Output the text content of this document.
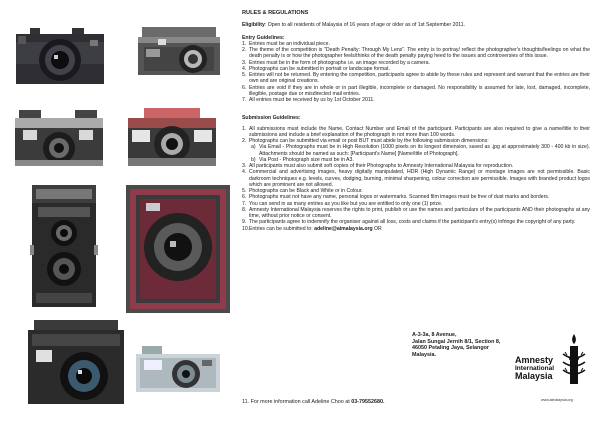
RULES & REGULATIONS

Eligibility: Open to all residents of Malaysia of 16 years of age or older as of 1st September 2011.

Entry Guidelines:

1. Entries must be an individual piece.
2. The theme of the competition is "Death Penalty: Through My Lens". The entry is to portray/ reflect the photographer's thoughts/feelings on what the death penalty is or how the photographer feels/thinks of the death penalty paying heed to the issues and controversies of this issue.
3. Entries must be in the form of photographs i.e. an image recorded by a camera.
4. Photographs can be submitted in portrait or landscape format.
5. Entries will not be returned. By entering the competition, participants agree to abide by these rules and represent and warrant that the entries are their own and are original creations.
6. Entries are void if they are in whole or in part illegible, incomplete or damaged. No responsibility is assumed for late, lost, damaged, incomplete, illegible, postage due or misdirected mail entries.
7. All entries must be received by us by 1st October 2011.

Submission Guidelines:

1. All submissions must include the Name, Contact Number and Email of the participant. Participants are also required to give a name/title to their submissions and include a brief explanation of the photograph in not more than 100 words.
2. Photographs can be submitted via email or post BUT must abide by the following submission dimensions:
a) Via Email - Photographs must be in High Resolution (1000 pixels on its longest dimension, saved as .jpg at approximately 300 - 400 kb in size). Attachments should be named as such: [Participant's Name] [Name/title of Photograph].
b) Via Post - Photograph size must be in A3.
3. All participants must also submit soft copies of their Photographs to Amnesty International Malaysia for reproduction.
4. Commercial and advertising images, heavy digitally manipulated, HDR (High Dynamic Range) or montage images are not permissible. Basic darkroom techniques e.g. levels, curves, dodging, burning, minimal sharpening, colour correction are permissible. Images with branded product logos which are prominent are not allowed.
5. Photographs can be Black and White or in Colour.
6. Photographs must not have any name, personal logos or watermarks. Scanned film images must be free of dust marks and borders.
7. You can send in as many entries as you like but you are entitled to only one (1) prize.
8. Amnesty International Malaysia reserves the rights to print, publish or use the names and particulars of the participants AND their photographs at any time, without prior notice or consent.
9. The participants agree to indemnify the organiser against all loss, costs and claims if the participant's entry(s) infringe the copyright of any party.
10. Entries can be submitted to: adeline@aimalaysia.org OR
A-3-3a, 8 Avenue,
Jalan Sungai Jernih 8/1, Section 8,
46050 Petaling Jaya, Selangor
Malaysia.
11. For more information call Adeline Choo at 03-79552680.
Amnesty
International
Malaysia
www.aimalaysia.org
